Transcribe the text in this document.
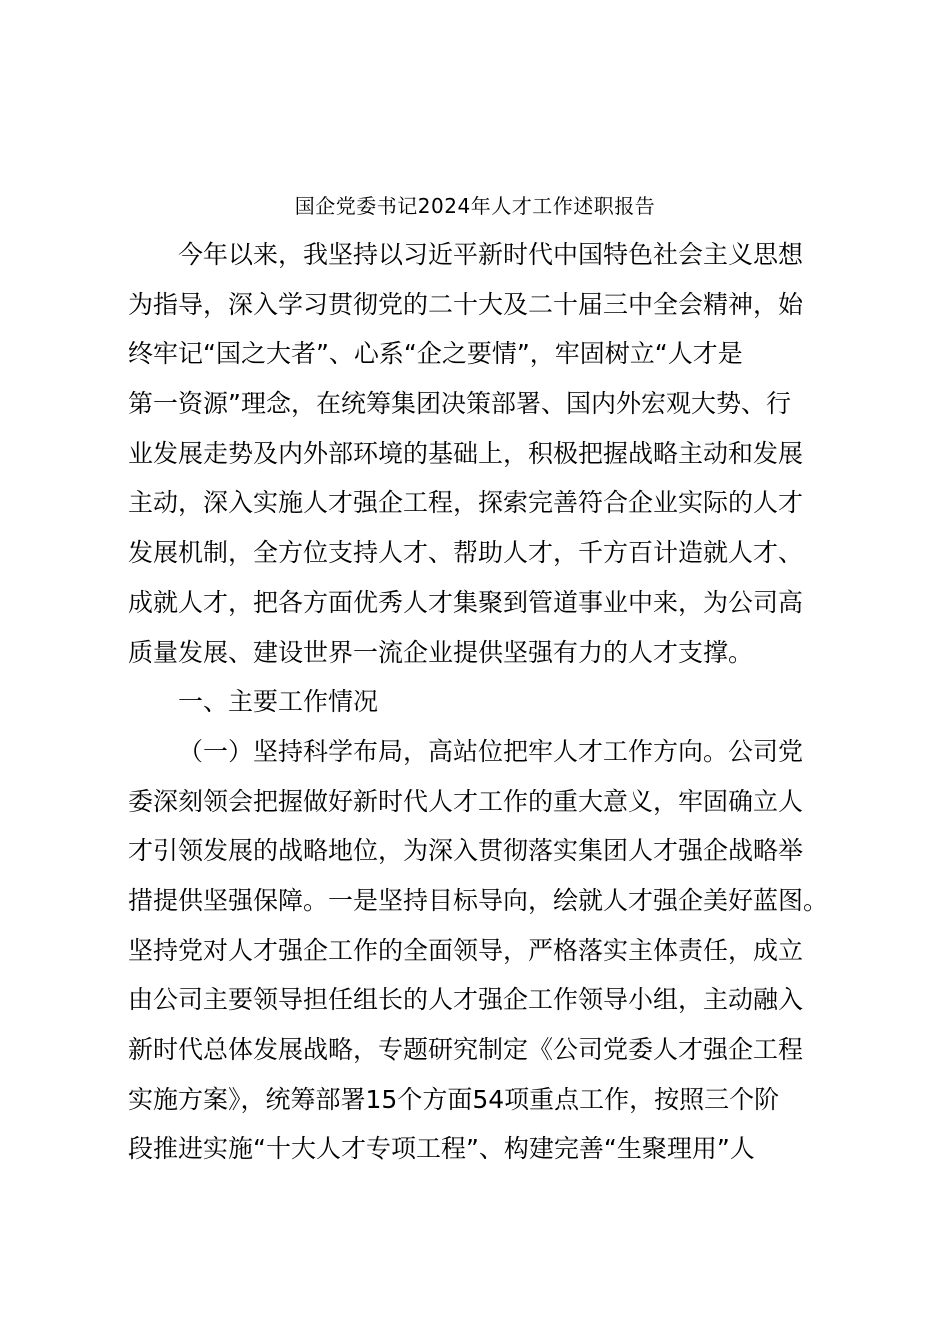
国企党委书记2024年人才工作述职报告
今年以来，我坚持以习近平新时代中国特色社会主义思想
为指导，深入学习贯彻党的二十大及二十届三中全会精神，始
终牢记“国之大者”、心系“企之要情”，牢固树立“人才是
第一资源”理念，在统筹集团决策部署、国内外宏观大势、行
业发展走势及内外部环境的基础上，积极把握战略主动和发展
主动，深入实施人才强企工程，探索完善符合企业实际的人才
发展机制，全方位支持人才、帮助人才，千方百计造就人才、
成就人才，把各方面优秀人才集聚到管道事业中来，为公司高
质量发展、建设世界一流企业提供坚强有力的人才支撑。
一、主要工作情况
（一）坚持科学布局，高站位把牢人才工作方向。公司党
委深刻领会把握做好新时代人才工作的重大意义，牢固确立人
才引领发展的战略地位，为深入贯彻落实集团人才强企战略举
措提供坚强保障。一是坚持目标导向，绘就人才强企美好蓝图。
坚持党对人才强企工作的全面领导，严格落实主体责任，成立
由公司主要领导担任组长的人才强企工作领导小组，主动融入
新时代总体发展战略，专题研究制定《公司党委人才强企工程
实施方案》，统筹部署15个方面54项重点工作，按照三个阶
段推进实施“十大人才专项工程”、构建完善“生聚理用”人
